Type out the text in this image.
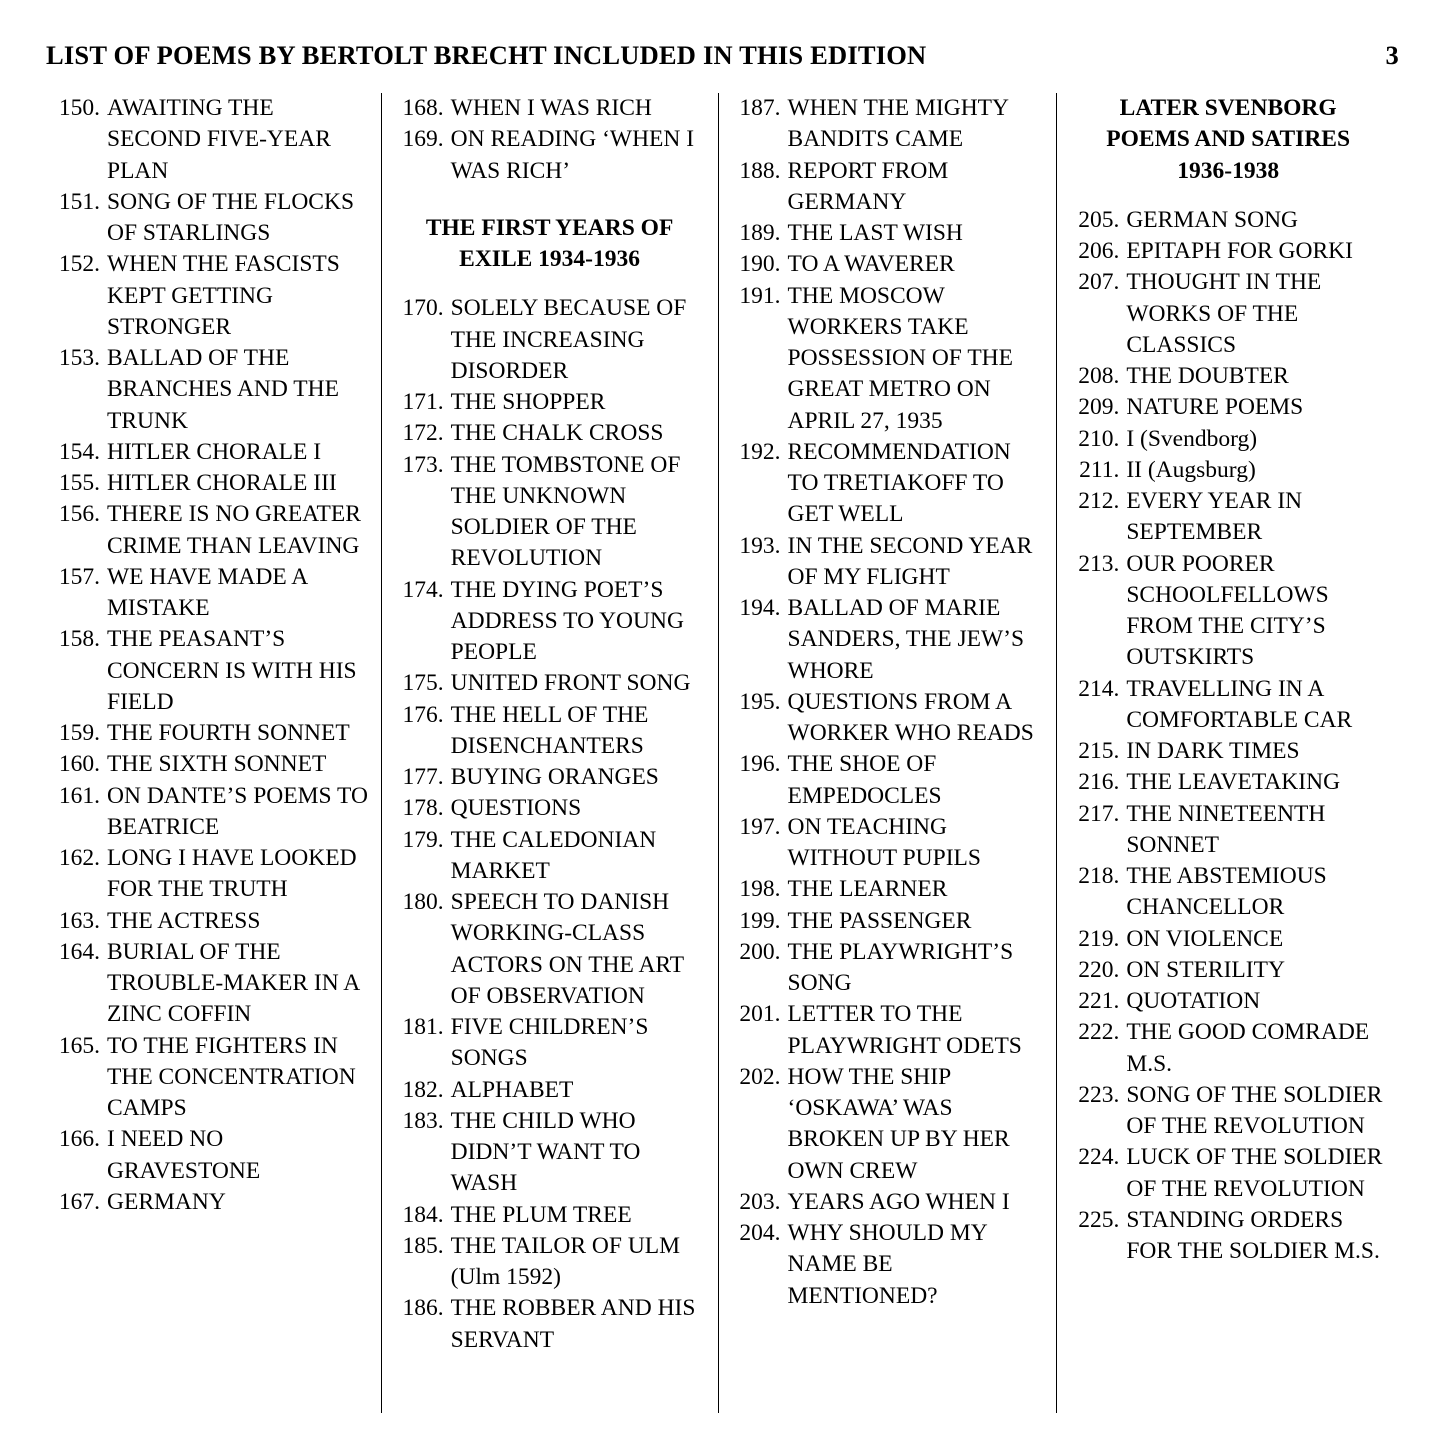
LIST OF POEMS BY BERTOLT BRECHT INCLUDED IN THIS EDITION	3
150. AWAITING THE SECOND FIVE-YEAR PLAN
151. SONG OF THE FLOCKS OF STARLINGS
152. WHEN THE FASCISTS KEPT GETTING STRONGER
153. BALLAD OF THE BRANCHES AND THE TRUNK
154. HITLER CHORALE I
155. HITLER CHORALE III
156. THERE IS NO GREATER CRIME THAN LEAVING
157. WE HAVE MADE A MISTAKE
158. THE PEASANT’S CONCERN IS WITH HIS FIELD
159. THE FOURTH SONNET
160. THE SIXTH SONNET
161. ON DANTE’S POEMS TO BEATRICE
162. LONG I HAVE LOOKED FOR THE TRUTH
163. THE ACTRESS
164. BURIAL OF THE TROUBLE-MAKER IN A ZINC COFFIN
165. TO THE FIGHTERS IN THE CONCENTRATION CAMPS
166. I NEED NO GRAVESTONE
167. GERMANY
168. WHEN I WAS RICH
169. ON READING ‘WHEN I WAS RICH’
THE FIRST YEARS OF
EXILE 1934-1936
170. SOLELY BECAUSE OF THE INCREASING DISORDER
171. THE SHOPPER
172. THE CHALK CROSS
173. THE TOMBSTONE OF THE UNKNOWN SOLDIER OF THE REVOLUTION
174. THE DYING POET’S ADDRESS TO YOUNG PEOPLE
175. UNITED FRONT SONG
176. THE HELL OF THE DISENCHANTERS
177. BUYING ORANGES
178. QUESTIONS
179. THE CALEDONIAN MARKET
180. SPEECH TO DANISH WORKING-CLASS ACTORS ON THE ART OF OBSERVATION
181. FIVE CHILDREN’S SONGS
182. ALPHABET
183. THE CHILD WHO DIDN’T WANT TO WASH
184. THE PLUM TREE
185. THE TAILOR OF ULM (Ulm 1592)
186. THE ROBBER AND HIS SERVANT
187. WHEN THE MIGHTY BANDITS CAME
188. REPORT FROM GERMANY
189. THE LAST WISH
190. TO A WAVERER
191. THE MOSCOW WORKERS TAKE POSSESSION OF THE GREAT METRO ON APRIL 27, 1935
192. RECOMMENDATION TO TRETIAKOFF TO GET WELL
193. IN THE SECOND YEAR OF MY FLIGHT
194. BALLAD OF MARIE SANDERS, THE JEW’S WHORE
195. QUESTIONS FROM A WORKER WHO READS
196. THE SHOE OF EMPEDOCLES
197. ON TEACHING WITHOUT PUPILS
198. THE LEARNER
199. THE PASSENGER
200. THE PLAYWRIGHT’S SONG
201. LETTER TO THE PLAYWRIGHT ODETS
202. HOW THE SHIP ‘OSKAWA’ WAS BROKEN UP BY HER OWN CREW
203. YEARS AGO WHEN I
204. WHY SHOULD MY NAME BE MENTIONED?
LATER SVENBORG
POEMS AND SATIRES
1936-1938
205. GERMAN SONG
206. EPITAPH FOR GORKI
207. THOUGHT IN THE WORKS OF THE CLASSICS
208. THE DOUBTER
209. NATURE POEMS
210. I (Svendborg)
211. II (Augsburg)
212. EVERY YEAR IN SEPTEMBER
213. OUR POORER SCHOOLFELLOWS FROM THE CITY’S OUTSKIRTS
214. TRAVELLING IN A COMFORTABLE CAR
215. IN DARK TIMES
216. THE LEAVETAKING
217. THE NINETEENTH SONNET
218. THE ABSTEMIOUS CHANCELLOR
219. ON VIOLENCE
220. ON STERILITY
221. QUOTATION
222. THE GOOD COMRADE M.S.
223. SONG OF THE SOLDIER OF THE REVOLUTION
224. LUCK OF THE SOLDIER OF THE REVOLUTION
225. STANDING ORDERS FOR THE SOLDIER M.S.
